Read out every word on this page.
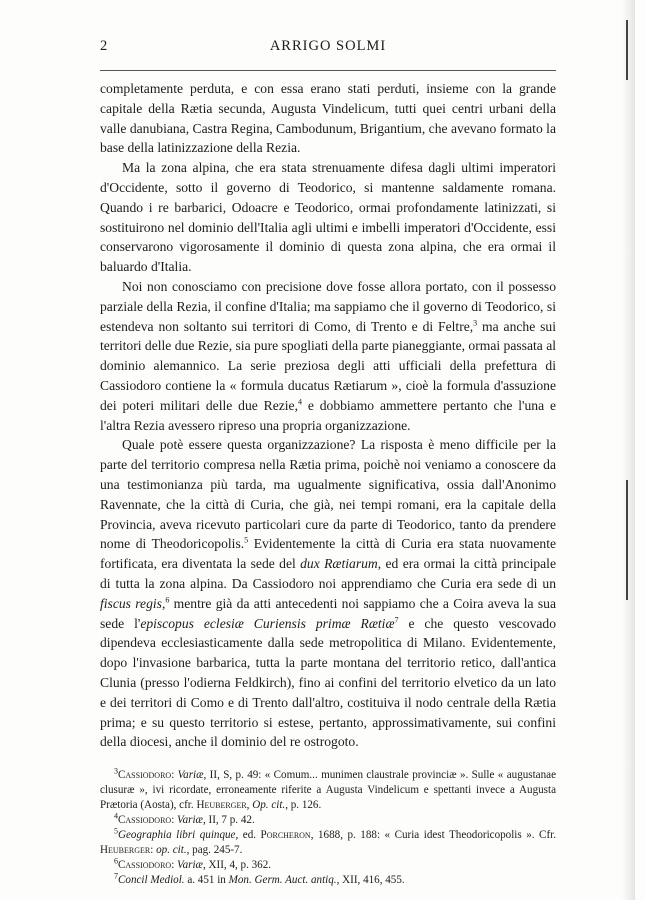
2	ARRIGO SOLMI

completamente perduta, e con essa erano stati perduti, insieme con la grande capitale della Rætia secunda, Augusta Vindelicum, tutti quei centri urbani della valle danubiana, Castra Regina, Cambodunum, Brigantium, che avevano formato la base della latinizzazione della Rezia.

Ma la zona alpina, che era stata strenuamente difesa dagli ultimi imperatori d'Occidente, sotto il governo di Teodorico, si mantenne saldamente romana. Quando i re barbarici, Odoacre e Teodorico, ormai profondamente latinizzati, si sostituirono nel dominio dell'Italia agli ultimi e imbelli imperatori d'Occidente, essi conservarono vigorosamente il dominio di questa zona alpina, che era ormai il baluardo d'Italia.

Noi non conosciamo con precisione dove fosse allora portato, con il possesso parziale della Rezia, il confine d'Italia; ma sappiamo che il governo di Teodorico, si estendeva non soltanto sui territori di Como, di Trento e di Feltre,$^3$ ma anche sui territori delle due Rezie, sia pure spogliati della parte pianeggiante, ormai passata al dominio alemannico. La serie preziosa degli atti ufficiali della prefettura di Cassiodoro contiene la « formula ducatus Rætiarum », cioè la formula d'assuzione dei poteri militari delle due Rezie,$^4$ e dobbiamo ammettere pertanto che l'una e l'altra Rezia avessero ripreso una propria organizzazione.

Quale potè essere questa organizzazione? La risposta è meno difficile per la parte del territorio compresa nella Rætia prima, poichè noi veniamo a conoscere da una testimonianza più tarda, ma ugualmente significativa, ossia dall'Anonimo Ravennate, che la città di Curia, che già, nei tempi romani, era la capitale della Provincia, aveva ricevuto particolari cure da parte di Teodorico, tanto da prendere nome di Theodoricopolis.$^5$ Evidentemente la città di Curia era stata nuovamente fortificata, era diventata la sede del dux Rætiarum, ed era ormai la città principale di tutta la zona alpina. Da Cassiodoro noi apprendiamo che Curia era sede di un fiscus regis,$^6$ mentre già da atti antecedenti noi sappiamo che a Coira aveva la sua sede l'episcopus eclesiæ Curiensis primæ Rætiæ$^7$ e che questo vescovado dipendeva ecclesiasticamente dalla sede metropolitica di Milano. Evidentemente, dopo l'invasione barbarica, tutta la parte montana del territorio retico, dall'antica Clunia (presso l'odierna Feldkirch), fino ai confini del territorio elvetico da un lato e dei territori di Como e di Trento dall'altro, costituiva il nodo centrale della Rætia prima; e su questo territorio si estese, pertanto, approssimativamente, sui confini della diocesi, anche il dominio del re ostrogoto.

$^3$Cassiodoro: Variæ, II, S, p. 49: « Comum... munimen claustrale provinciæ ». Sulle « augustanae clusuræ », ivi ricordate, erroneamente riferite a Augusta Vindelicum e spettanti invece a Augusta Prætoria (Aosta), cfr. Heuberger, Op. cit., p. 126.

$^4$Cassiodoro: Variæ, II, 7 p. 42.

$^5$Geographia libri quinque, ed. Porcheron, 1688, p. 188: « Curia idest Theodoricopolis ». Cfr. Heuberger: op. cit., pag. 245-7.

$^6$Cassiodoro: Variæ, XII, 4, p. 362.

$^7$Concil Mediol. a. 451 in Mon. Germ. Auct. antiq., XII, 416, 455.
